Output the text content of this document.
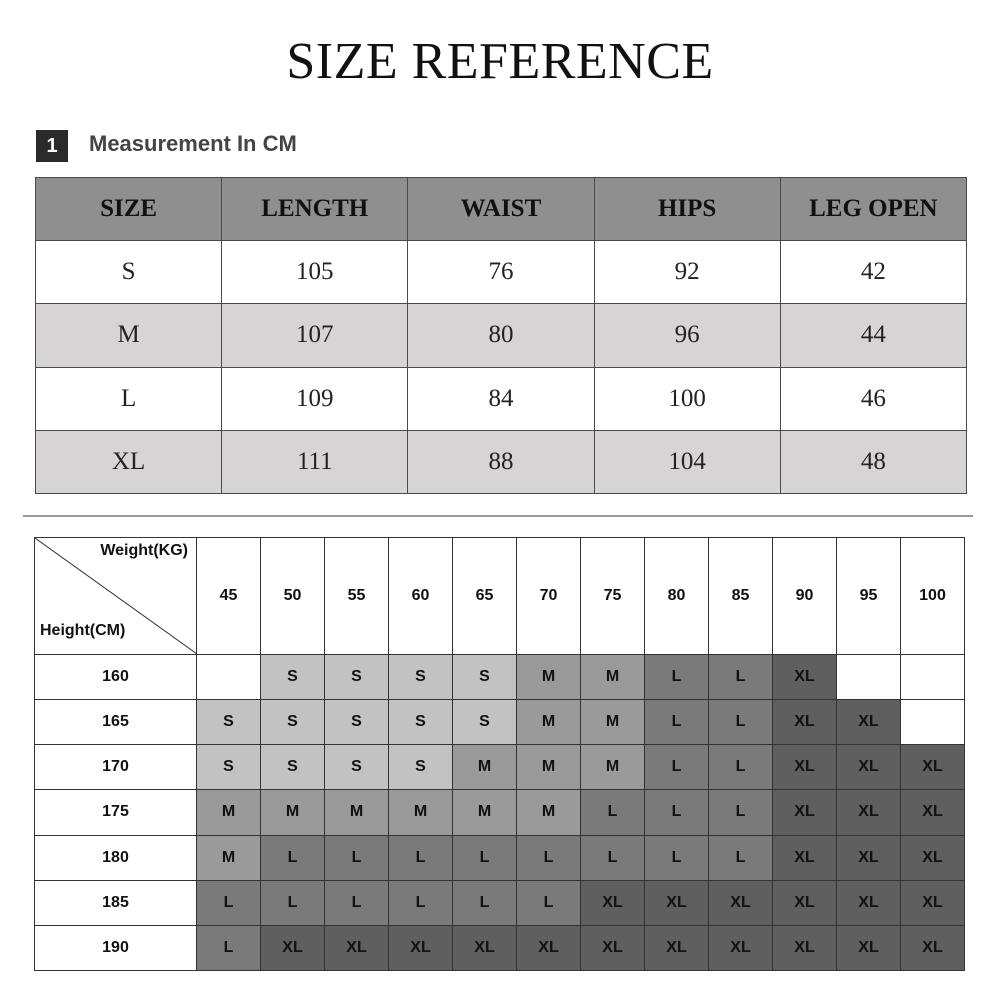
SIZE REFERENCE
1	Measurement In CM
SIZE	LENGTH	WAIST	HIPS	LEG OPEN
S	105	76	92	42
M	107	80	96	44
L	109	84	100	46
XL	111	88	104	48
Weight(KG)
Height(CM)	45	50	55	60	65	70	75	80	85	90	95	100
160		S	S	S	S	M	M	L	L	XL		
165	S	S	S	S	S	M	M	L	L	XL	XL	
170	S	S	S	S	M	M	M	L	L	XL	XL	XL
175	M	M	M	M	M	M	L	L	L	XL	XL	XL
180	M	L	L	L	L	L	L	L	L	XL	XL	XL
185	L	L	L	L	L	L	XL	XL	XL	XL	XL	XL
190	L	XL	XL	XL	XL	XL	XL	XL	XL	XL	XL	XL
